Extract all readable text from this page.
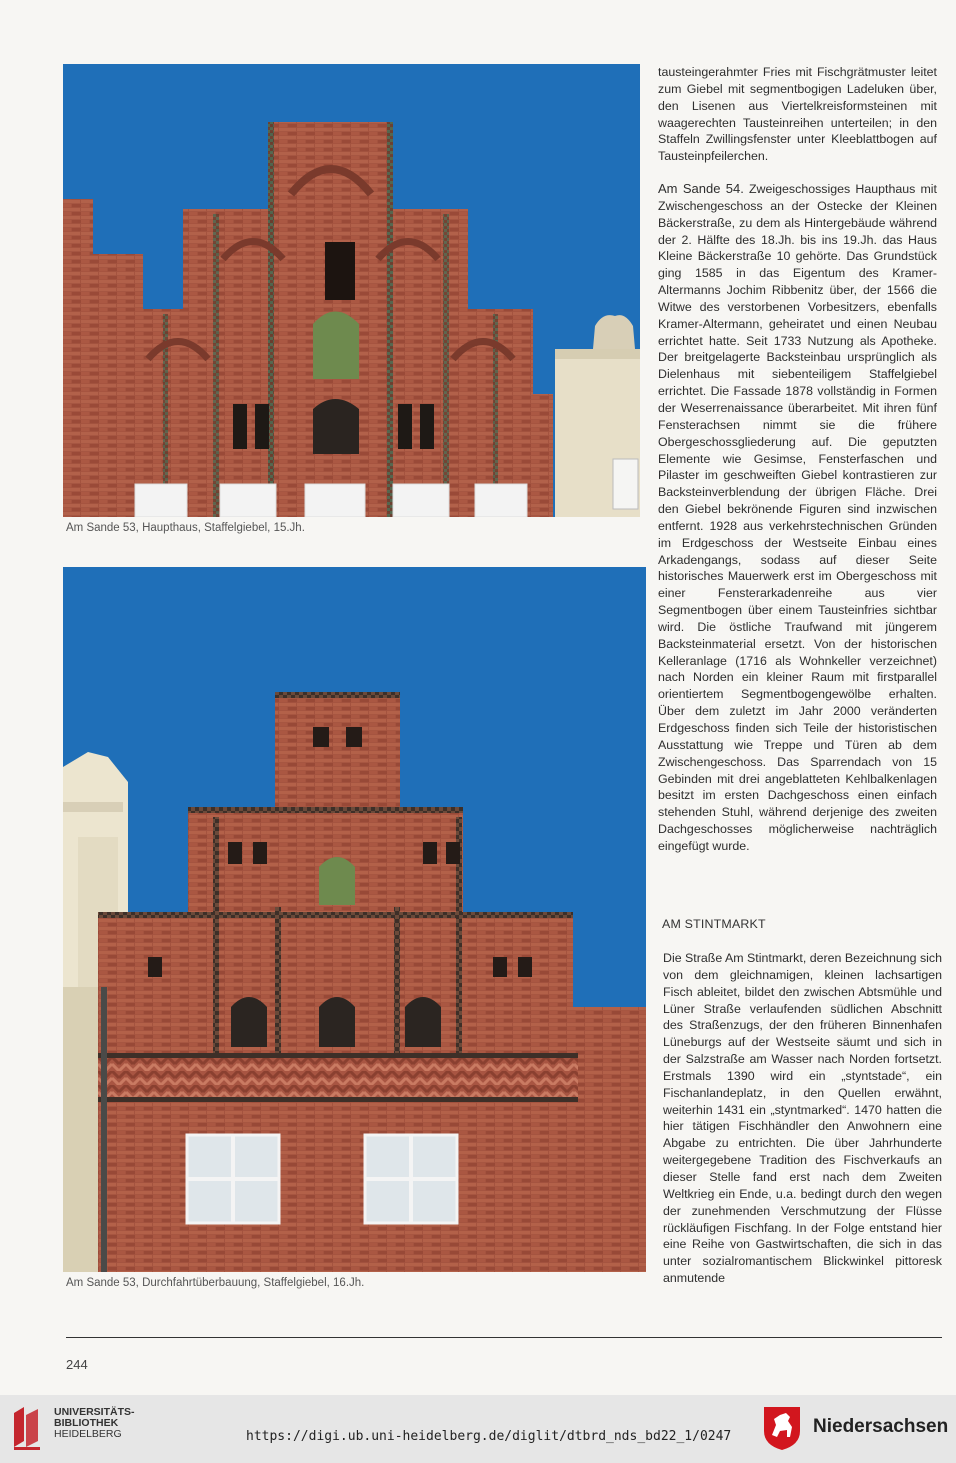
Am Sande 53, Haupthaus, Staffelgiebel, 15.Jh.
Am Sande 53, Durchfahrtüberbauung, Staffelgiebel, 16.Jh.

tausteingerahmter Fries mit Fischgrätmuster leitet zum Giebel mit segmentbogigen Ladeluken über, den Lisenen aus Viertelkreisformsteinen mit waagerechten Tausteinreihen unterteilen; in den Staffeln Zwillingsfenster unter Kleeblattbogen auf Tausteinpfeilerchen.

Am Sande 54. Zweigeschossiges Haupthaus mit Zwischengeschoss an der Ostecke der Kleinen Bäckerstraße, zu dem als Hintergebäude während der 2. Hälfte des 18.Jh. bis ins 19.Jh. das Haus Kleine Bäckerstraße 10 gehörte. Das Grundstück ging 1585 in das Eigentum des Kramer-Altermanns Jochim Ribbenitz über, der 1566 die Witwe des verstorbenen Vorbesitzers, ebenfalls Kramer-Altermann, geheiratet und einen Neubau errichtet hatte. Seit 1733 Nutzung als Apotheke. Der breitgelagerte Backsteinbau ursprünglich als Dielenhaus mit siebenteiligem Staffelgiebel errichtet. Die Fassade 1878 vollständig in Formen der Weserrenaissance überarbeitet. Mit ihren fünf Fensterachsen nimmt sie die frühere Obergeschossgliederung auf. Die geputzten Elemente wie Gesimse, Fensterfaschen und Pilaster im geschweiften Giebel kontrastieren zur Backsteinverblendung der übrigen Fläche. Drei den Giebel bekrönende Figuren sind inzwischen entfernt. 1928 aus verkehrstechnischen Gründen im Erdgeschoss der Westseite Einbau eines Arkadengangs, sodass auf dieser Seite historisches Mauerwerk erst im Obergeschoss mit einer Fensterarkadenreihe aus vier Segmentbogen über einem Tausteinfries sichtbar wird. Die östliche Traufwand mit jüngerem Backsteinmaterial ersetzt. Von der historischen Kelleranlage (1716 als Wohnkeller verzeichnet) nach Norden ein kleiner Raum mit firstparallel orientiertem Segmentbogengewölbe erhalten. Über dem zuletzt im Jahr 2000 veränderten Erdgeschoss finden sich Teile der historistischen Ausstattung wie Treppe und Türen ab dem Zwischengeschoss. Das Sparrendach von 15 Gebinden mit drei angeblatteten Kehlbalkenlagen besitzt im ersten Dachgeschoss einen einfach stehenden Stuhl, während derjenige des zweiten Dachgeschosses möglicherweise nachträglich eingefügt wurde.

AM STINTMARKT

Die Straße Am Stintmarkt, deren Bezeichnung sich von dem gleichnamigen, kleinen lachsartigen Fisch ableitet, bildet den zwischen Abtsmühle und Lüner Straße verlaufenden südlichen Abschnitt des Straßenzugs, der den früheren Binnenhafen Lüneburgs auf der Westseite säumt und sich in der Salzstraße am Wasser nach Norden fortsetzt. Erstmals 1390 wird ein „styntstade“, ein Fischanlandeplatz, in den Quellen erwähnt, weiterhin 1431 ein „styntmarked“. 1470 hatten die hier tätigen Fischhändler den Anwohnern eine Abgabe zu entrichten. Die über Jahrhunderte weitergegebene Tradition des Fischverkaufs an dieser Stelle fand erst nach dem Zweiten Weltkrieg ein Ende, u.a. bedingt durch den wegen der zunehmenden Verschmutzung der Flüsse rückläufigen Fischfang. In der Folge entstand hier eine Reihe von Gastwirtschaften, die sich in das unter sozialromantischem Blickwinkel pittoresk anmutende

244
UNIVERSITÄTS-
BIBLIOTHEK
HEIDELBERG	https://digi.ub.uni-heidelberg.de/diglit/dtbrd_nds_bd22_1/0247	Niedersachsen
